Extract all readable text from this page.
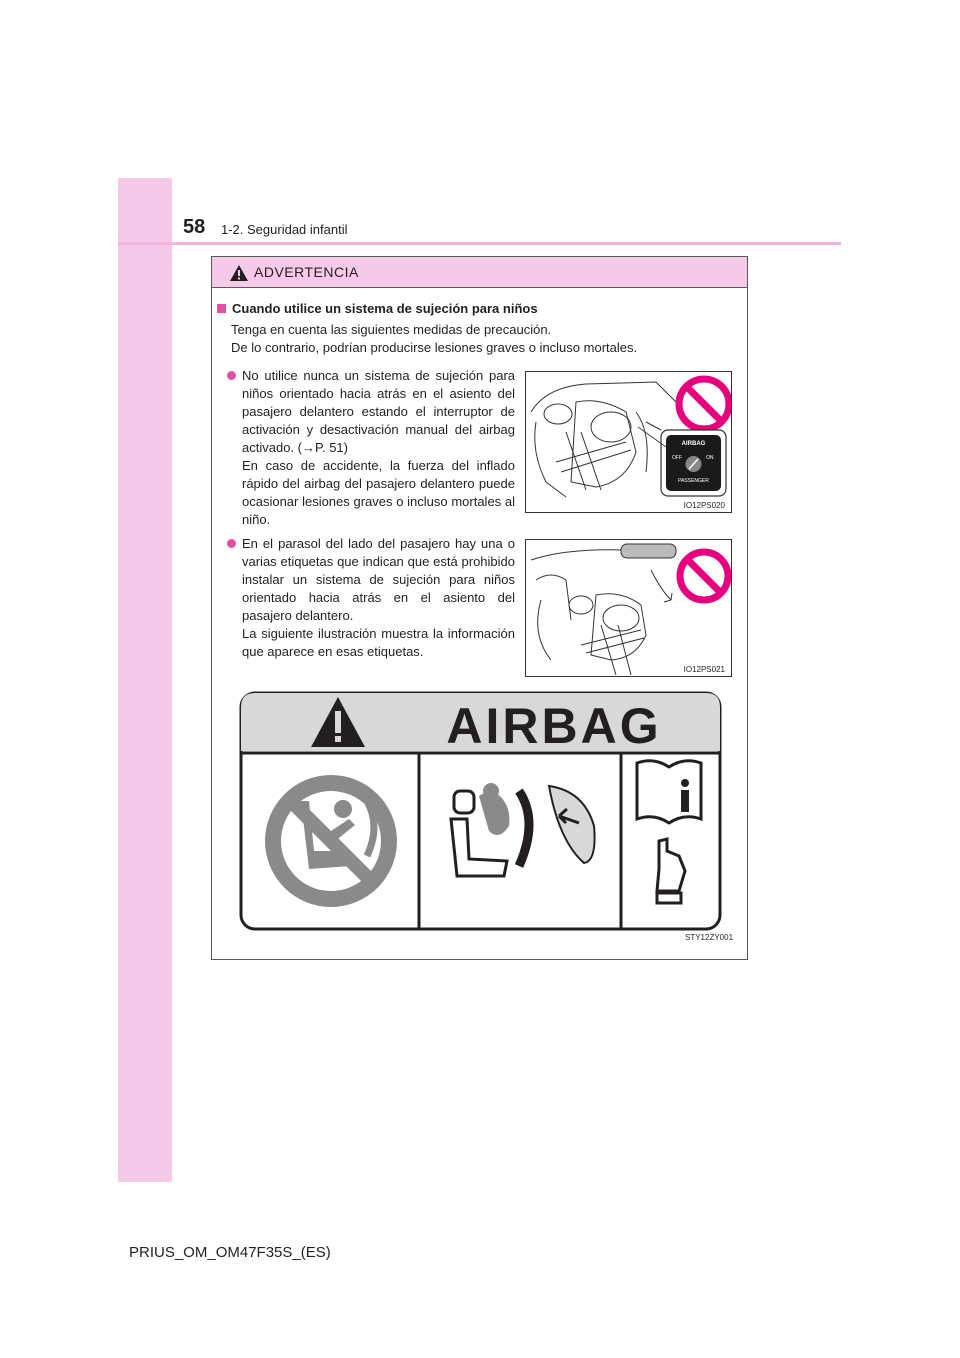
58 1-2. Seguridad infantil
ADVERTENCIA
Cuando utilice un sistema de sujeción para niños
Tenga en cuenta las siguientes medidas de precaución.
De lo contrario, podrían producirse lesiones graves o incluso mortales.
No utilice nunca un sistema de sujeción para niños orientado hacia atrás en el asiento del pasajero delantero estando el interruptor de activación y desactivación manual del airbag activado. (→P. 51)
En caso de accidente, la fuerza del inflado rápido del airbag del pasajero delantero puede ocasionar lesiones graves o incluso mortales al niño.
AIRBAG
OFF	ON
PASSENGER
IO12PS020
En el parasol del lado del pasajero hay una o varias etiquetas que indican que está prohibido instalar un sistema de sujeción para niños orientado hacia atrás en el asiento del pasajero delantero.
La siguiente ilustración muestra la información que aparece en esas etiquetas.
IO12PS021
AIRBAG
STY12ZY001
PRIUS_OM_OM47F35S_(ES)
